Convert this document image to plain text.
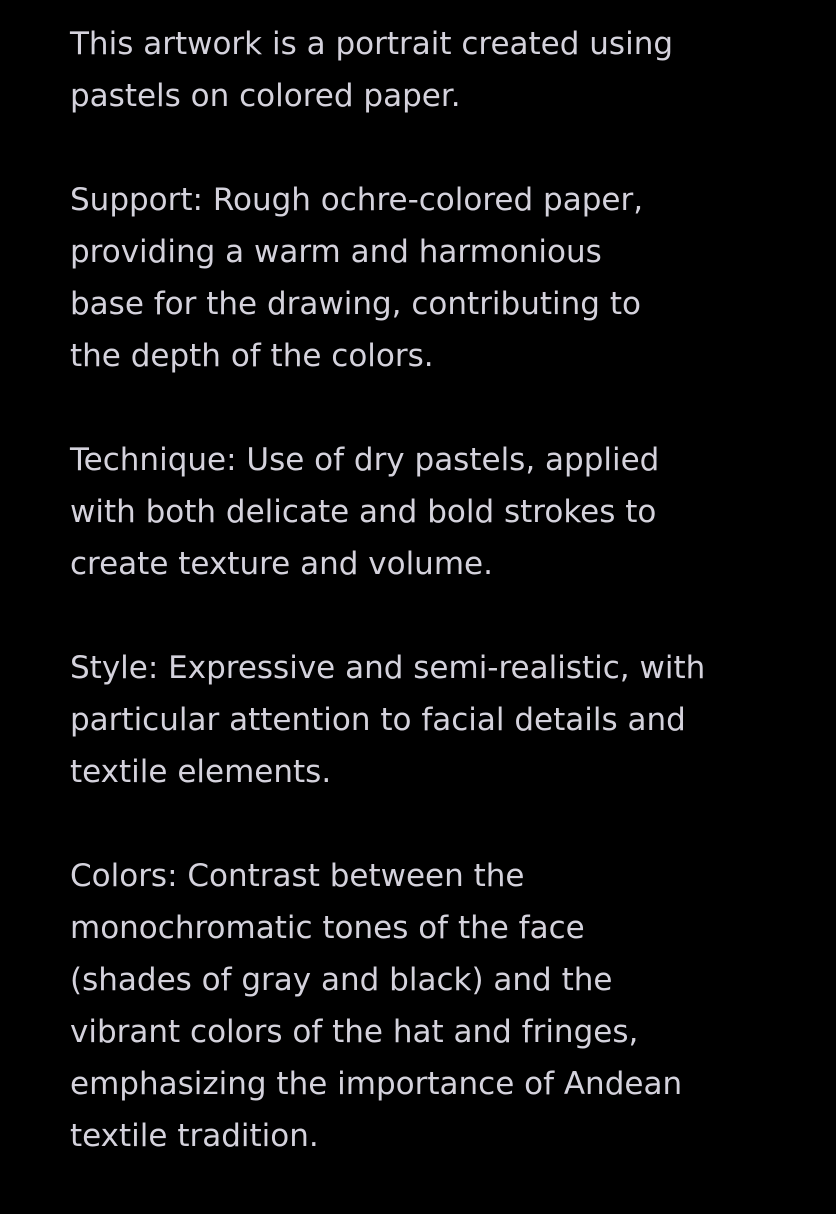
This artwork is a portrait created using
pastels on colored paper.

Support: Rough ochre-colored paper,
providing a warm and harmonious
base for the drawing, contributing to
the depth of the colors.

Technique: Use of dry pastels, applied
with both delicate and bold strokes to
create texture and volume.

Style: Expressive and semi-realistic, with
particular attention to facial details and
textile elements.

Colors: Contrast between the
monochromatic tones of the face
(shades of gray and black) and the
vibrant colors of the hat and fringes,
emphasizing the importance of Andean
textile tradition.
